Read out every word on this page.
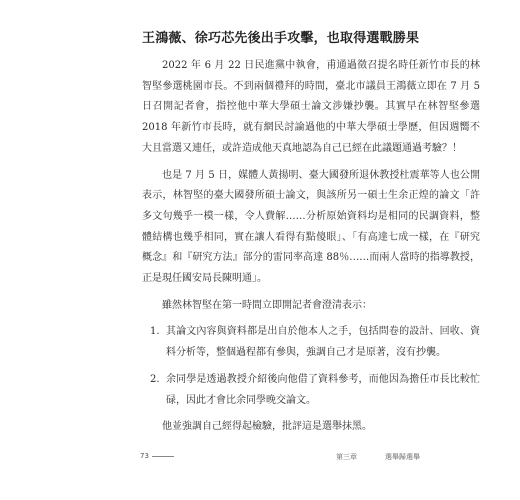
王鴻薇、徐巧芯先後出手攻擊，也取得選戰勝果

2022 年 6 月 22 日民進黨中執會，甫通過徵召提名時任新竹市長的林智堅參選桃園市長。不到兩個禮拜的時間，臺北市議員王鴻薇立即在 7 月 5 日召開記者會，指控他中華大學碩士論文涉嫌抄襲。其實早在林智堅參選 2018 年新竹市長時，就有網民討論過他的中華大學碩士學歷，但因週嚮不大且當選又連任，或許造成他天真地認為自己已經在此議題通過考驗？！

也是 7 月 5 日，媒體人黃揚明、臺大國發所退休教授杜震華等人也公開表示，林智堅的臺大國發所碩士論文，與該所另一碩士生余正煌的論文「許多文句幾乎一模一樣，令人費解……分析原始資料均是相同的民調資料，整體結構也幾乎相同，實在讓人看得有點傻眼」、「有高達七成一樣，在『研究概念』和『研究方法』部分的雷同率高達 88％……而兩人當時的指導教授，正是現任國安局長陳明通」。

雖然林智堅在第一時間立即開記者會澄清表示：

1. 其論文內容與資料都是出自於他本人之手，包括問卷的設計、回收、資料分析等，整個過程都有參與，強調自己才是原著，沒有抄襲。
2. 余同學是透過教授介紹後向他借了資料參考，而他因為擔任市長比較忙碌，因此才會比余同學晚交論文。

他並強調自己經得起檢驗，批評這是選舉抹黑。

73	第三章	選舉歸選舉
